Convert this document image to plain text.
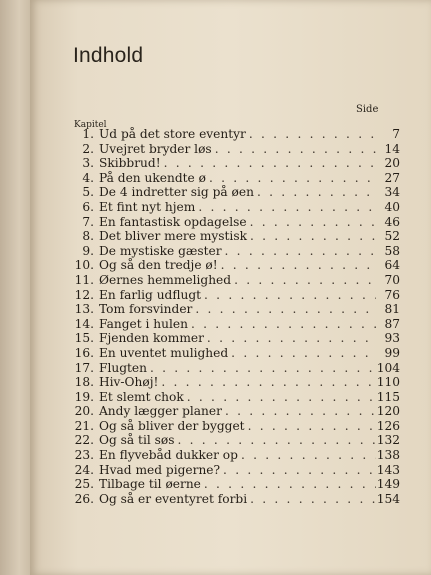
Indhold
Side
Kapitel
1. Ud på det store eventyr . . .	7
2. Uvejret bryder løs . . .	14
3. Skibbrud! . . .	20
4. På den ukendte ø . . .	27
5. De 4 indretter sig på øen . . .	34
6. Et fint nyt hjem . . .	40
7. En fantastisk opdagelse . . .	46
8. Det bliver mere mystisk . . .	52
9. De mystiske gæster . . .	58
10. Og så den tredje ø! . . .	64
11. Øernes hemmelighed . . .	70
12. En farlig udflugt . . .	76
13. Tom forsvinder . . .	81
14. Fanget i hulen . . .	87
15. Fjenden kommer . . .	93
16. En uventet mulighed . . .	99
17. Flugten . . .	104
18. Hiv-Ohøj! . . .	110
19. Et slemt chok . . .	115
20. Andy lægger planer . . .	120
21. Og så bliver der bygget . . .	126
22. Og så til søs . . .	132
23. En flyvebåd dukker op . . .	138
24. Hvad med pigerne? . . .	143
25. Tilbage til øerne . . .	149
26. Og så er eventyret forbi . . .	154
